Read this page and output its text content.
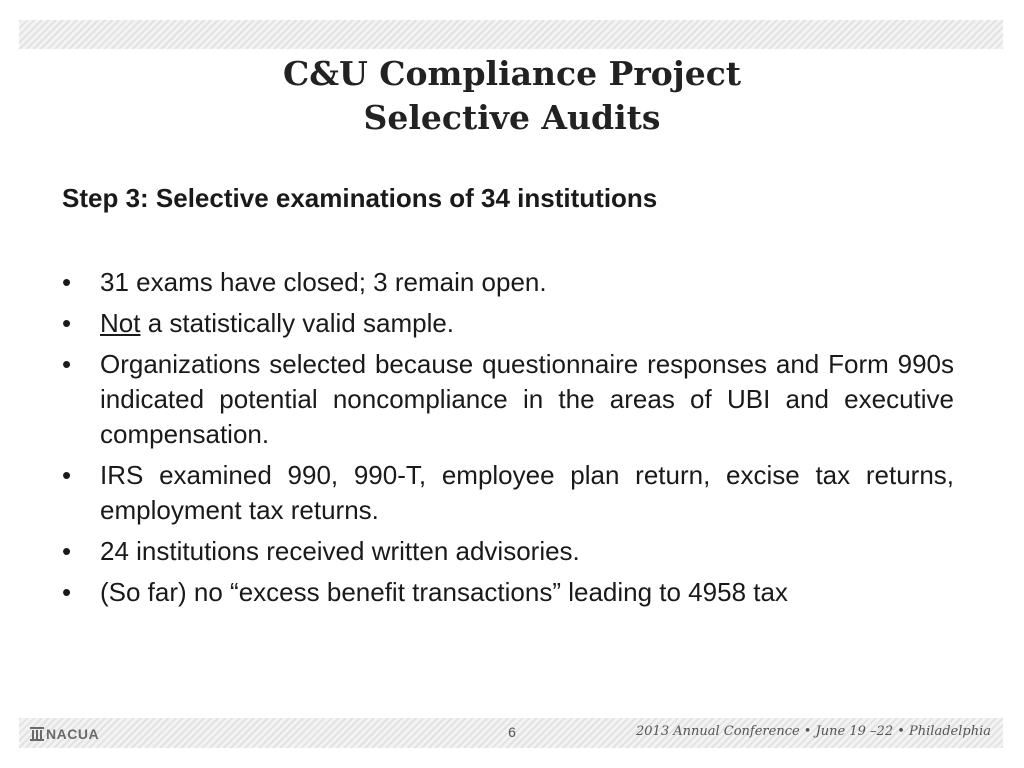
C&U Compliance Project
Selective Audits

Step 3: Selective examinations of 34 institutions

• 31 exams have closed; 3 remain open.
• Not a statistically valid sample.
• Organizations selected because questionnaire responses and Form 990s indicated potential noncompliance in the areas of UBI and executive compensation.
• IRS examined 990, 990-T, employee plan return, excise tax returns, employment tax returns.
• 24 institutions received written advisories.
• (So far) no “excess benefit transactions” leading to 4958 tax
NACUA	6	2013 Annual Conference • June 19 –22 • Philadelphia
